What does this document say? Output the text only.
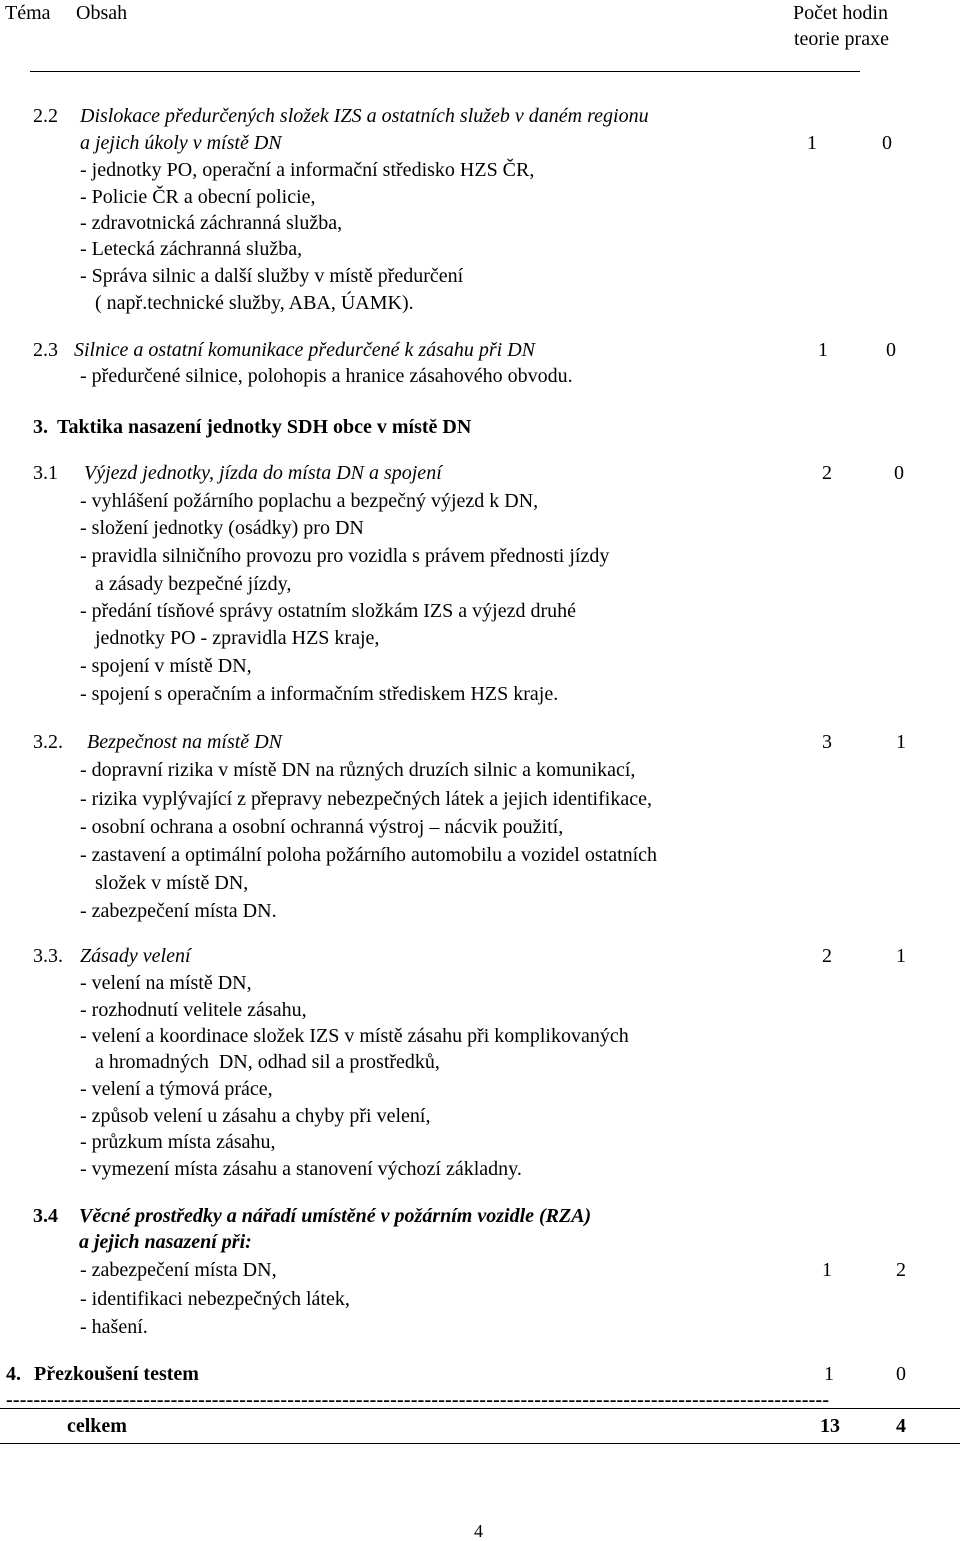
Téma Obsah	Počet hodin
teorie praxe
2.2 Dislokace předurčených složek IZS a ostatních služeb v daném regionu
a jejich úkoly v místě DN	1	0
- jednotky PO, operační a informační středisko HZS ČR,
- Policie ČR a obecní policie,
- zdravotnická záchranná služba,
- Letecká záchranná služba,
- Správa silnic a další služby v místě předurčení
( např.technické služby, ABA, ÚAMK).
2.3 Silnice a ostatní komunikace předurčené k zásahu při DN	1	0
- předurčené silnice, polohopis a hranice zásahového obvodu.
3. Taktika nasazení jednotky SDH obce v místě DN
3.1 Výjezd jednotky, jízda do místa DN a spojení	2	0
- vyhlášení požárního poplachu a bezpečný výjezd k DN,
- složení jednotky (osádky) pro DN
- pravidla silničního provozu pro vozidla s právem přednosti jízdy
a zásady bezpečné jízdy,
- předání tísňové správy ostatním složkám IZS a výjezd druhé
jednotky PO - zpravidla HZS kraje,
- spojení v místě DN,
- spojení s operačním a informačním střediskem HZS kraje.
3.2. Bezpečnost na místě DN	3	1
- dopravní rizika v místě DN na různých druzích silnic a komunikací,
- rizika vyplývající z přepravy nebezpečných látek a jejich identifikace,
- osobní ochrana a osobní ochranná výstroj – nácvik použití,
- zastavení a optimální poloha požárního automobilu a vozidel ostatních
složek v místě DN,
- zabezpečení místa DN.
3.3. Zásady velení	2	1
- velení na místě DN,
- rozhodnutí velitele zásahu,
- velení a koordinace složek IZS v místě zásahu při komplikovaných
a hromadných  DN, odhad sil a prostředků,
- velení a týmová práce,
- způsob velení u zásahu a chyby při velení,
- průzkum místa zásahu,
- vymezení místa zásahu a stanovení výchozí základny.
3.4 Věcné prostředky a nářadí umístěné v požárním vozidle (RZA)
a jejich nasazení při:
- zabezpečení místa DN,	1	2
- identifikaci nebezpečných látek,
- hašení.
4. Přezkoušení testem	1	0
------------------------------------------------------------------------------------------------------------------------
celkem	13	4
4
